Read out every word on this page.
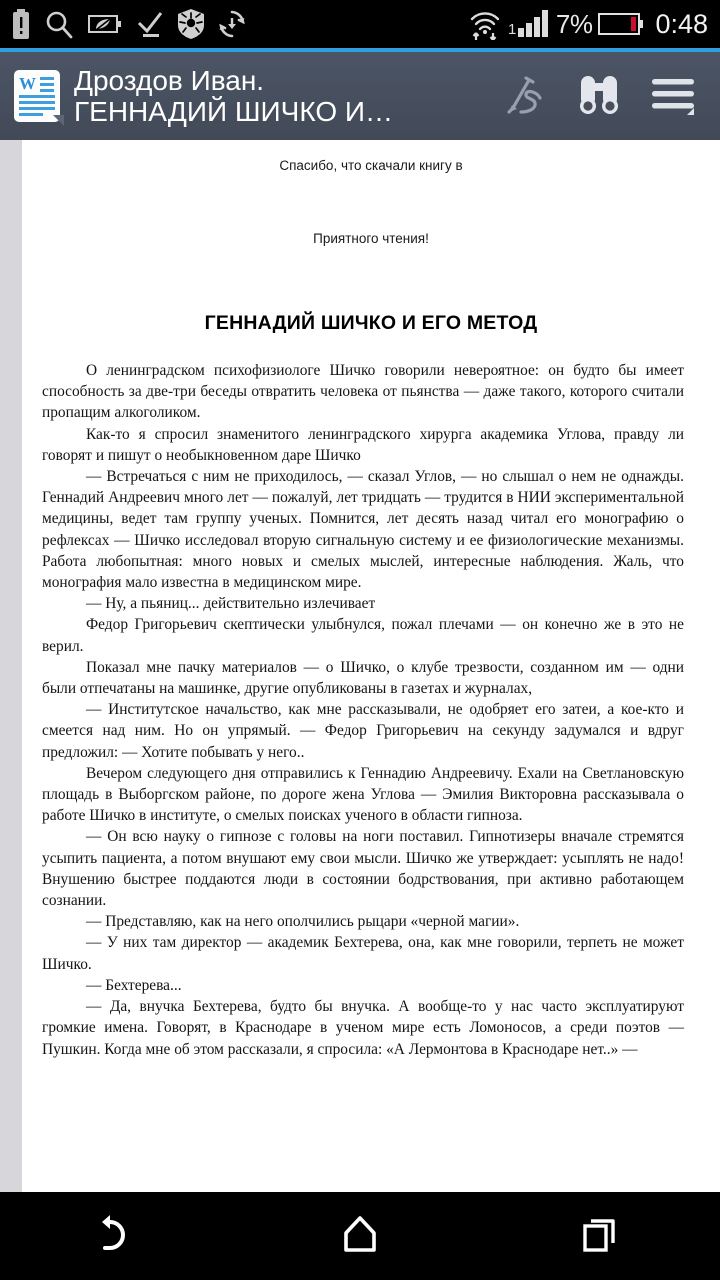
1 7% 0:48
W Дроздов Иван.
ГЕННАДИЙ ШИЧКО И…
Спасибо, что скачали книгу в
Приятного чтения!
ГЕННАДИЙ ШИЧКО И ЕГО МЕТОД

О ленинградском психофизиологе Шичко говорили невероятное: он будто бы имеет способность за две-три беседы отвратить человека от пьянства — даже такого, которого считали пропащим алкоголиком.

Как-то я спросил знаменитого ленинградского хирурга академика Углова, правду ли говорят и пишут о необыкновенном даре Шичко

— Встречаться с ним не приходилось, — сказал Углов, — но слышал о нем не однажды. Геннадий Андреевич много лет — пожалуй, лет тридцать — трудится в НИИ экспериментальной медицины, ведет там группу ученых. Помнится, лет десять назад читал его монографию о рефлексах — Шичко исследовал вторую сигнальную систему и ее физиологические механизмы. Работа любопытная: много новых и смелых мыслей, интересные наблюдения. Жаль, что монография мало известна в медицинском мире.

— Ну, а пьяниц... действительно излечивает

Федор Григорьевич скептически улыбнулся, пожал плечами — он конечно же в это не верил.

Показал мне пачку материалов — о Шичко, о клубе трезвости, созданном им — одни были отпечатаны на машинке, другие опубликованы в газетах и журналах,

— Институтское начальство, как мне рассказывали, не одобряет его затеи, а кое-кто и смеется над ним. Но он упрямый. — Федор Григорьевич на секунду задумался и вдруг предложил: — Хотите побывать у него..

Вечером следующего дня отправились к Геннадию Андреевичу. Ехали на Светлановскую площадь в Выборгском районе, по дороге жена Углова — Эмилия Викторовна рассказывала о работе Шичко в институте, о смелых поисках ученого в области гипноза.

— Он всю науку о гипнозе с головы на ноги поставил. Гипнотизеры вначале стремятся усыпить пациента, а потом внушают ему свои мысли. Шичко же утверждает: усыплять не надо! Внушению быстрее поддаются люди в состоянии бодрствования, при активно работающем сознании.

— Представляю, как на него ополчились рыцари «черной магии».

— У них там директор — академик Бехтерева, она, как мне говорили, терпеть не может Шичко.

— Бехтерева...

— Да, внучка Бехтерева, будто бы внучка. А вообще-то у нас часто эксплуатируют громкие имена. Говорят, в Краснодаре в ученом мире есть Ломоносов, а среди поэтов — Пушкин. Когда мне об этом рассказали, я спросила: «А Лермонтова в Краснодаре нет..» —
